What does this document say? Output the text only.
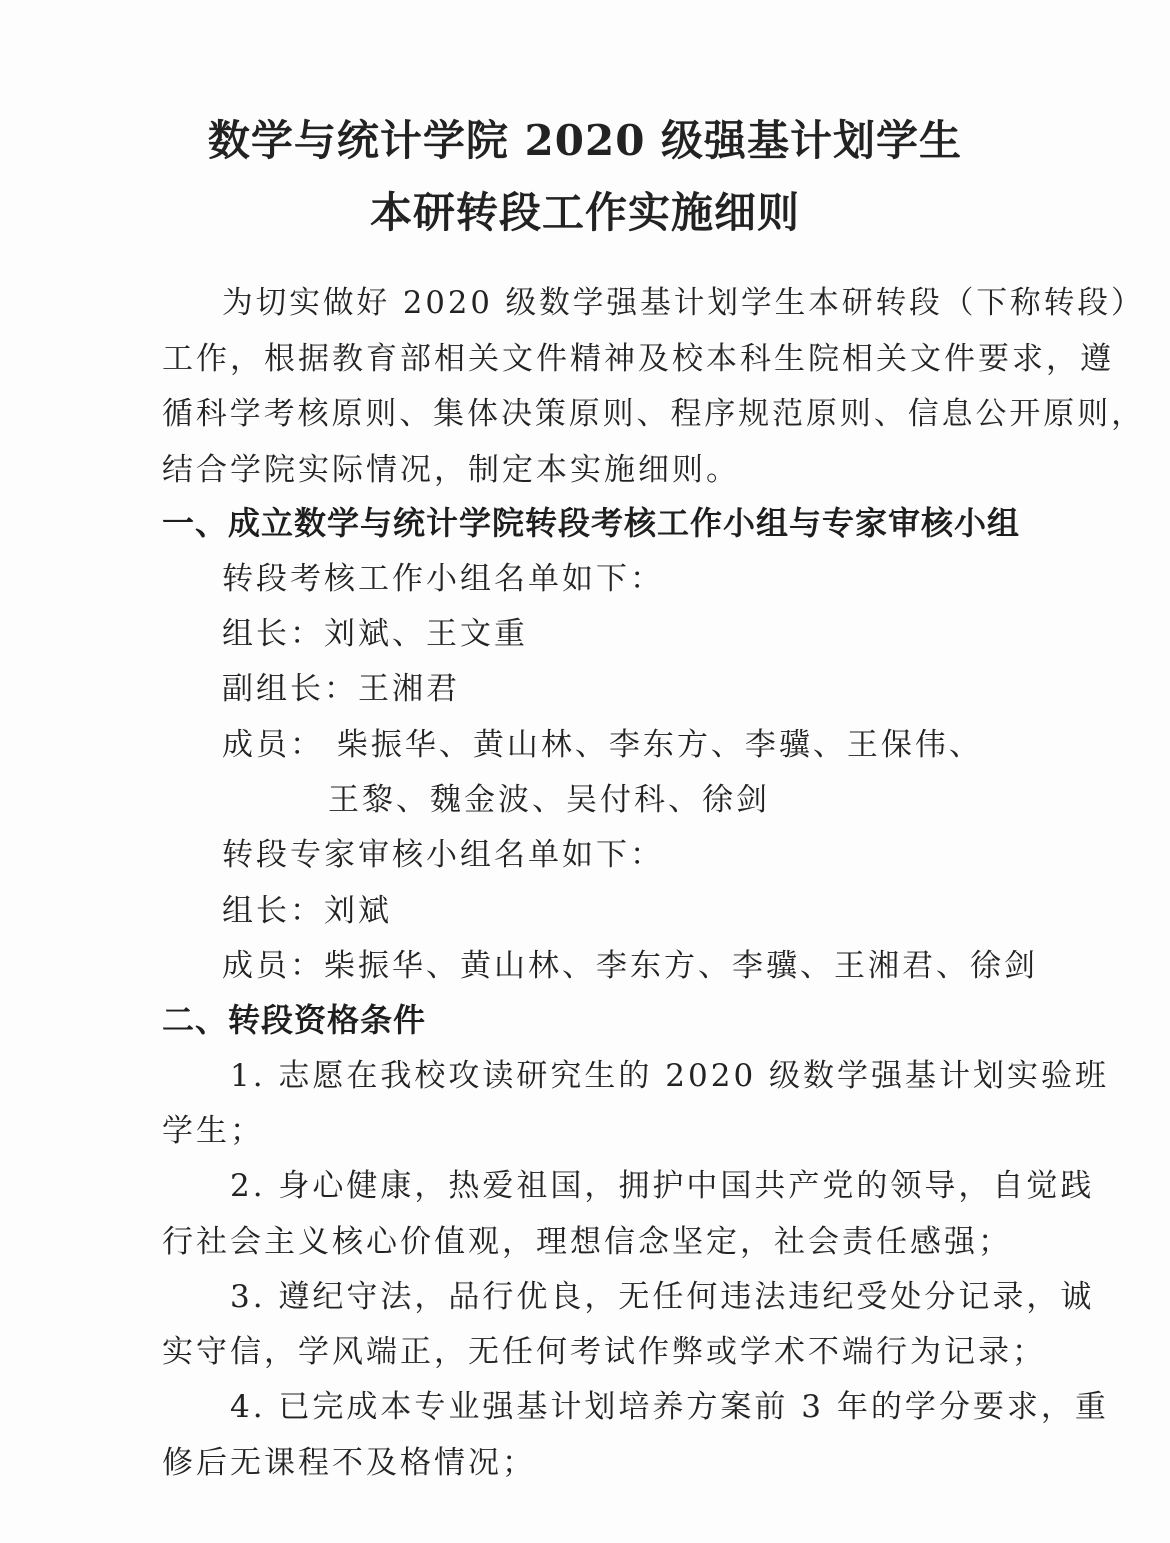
数学与统计学院 2020 级强基计划学生
本研转段工作实施细则
为切实做好 2020 级数学强基计划学生本研转段（下称转段）
工作，根据教育部相关文件精神及校本科生院相关文件要求，遵
循科学考核原则、集体决策原则、程序规范原则、信息公开原则，
结合学院实际情况，制定本实施细则。
一、成立数学与统计学院转段考核工作小组与专家审核小组
转段考核工作小组名单如下：
组长：刘斌、王文重
副组长：王湘君
成员： 柴振华、黄山林、李东方、李骥、王保伟、
王黎、魏金波、吴付科、徐剑
转段专家审核小组名单如下：
组长：刘斌
成员：柴振华、黄山林、李东方、李骥、王湘君、徐剑
二、转段资格条件
1. 志愿在我校攻读研究生的 2020 级数学强基计划实验班
学生；
2. 身心健康，热爱祖国，拥护中国共产党的领导，自觉践
行社会主义核心价值观，理想信念坚定，社会责任感强；
3. 遵纪守法，品行优良，无任何违法违纪受处分记录，诚
实守信，学风端正，无任何考试作弊或学术不端行为记录；
4. 已完成本专业强基计划培养方案前 3 年的学分要求，重
修后无课程不及格情况；
